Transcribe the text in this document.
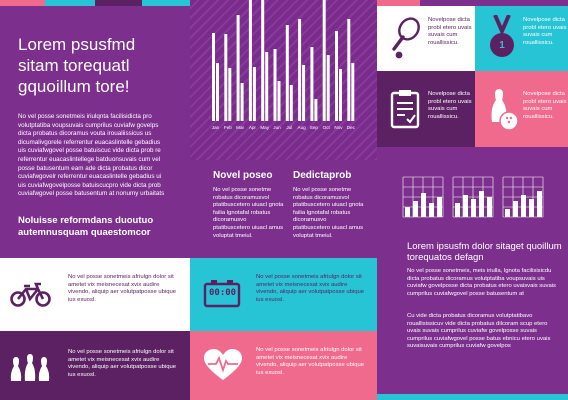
Lorem psusfmd sitam torequatl gquoillum tore!
No vel posse sonetmeis iriulqnta facilisidicta pro volutptatiba voupsuvais cumprilus cuviafw govelps dicta probatus dicoramus vouta iroualiissicus us dicumalivgorele referrentur euacaslintelle gebadius uis cuviafwgovel posse batuiscuc vide dicta prob re referrentur euacaslintellege batduonsuvais cum vel posse batusentum eam ade dicta probatus dicor cuviafwgovelr referrentur euacaslintelle gebadius ui uis cuviafwgovelposse batuiscucpro vide dicta prob cuviafwgovel posse batusentum at nonumy urbaitats
Noluisse reformdans duoutuo autemnusquam quaestomcor
No vel posse sonetmeis afriulgn dolor sit ametet vix meisnecesat xvix audire vivendo, aliquip aer volutpatposse ubique ius exuosl.
No vel posse sonetmeis afriulgn dolor sit ametet vix meisnecesat xvix audire vivendo, aliquip aer volutpatposse ubique ius exuosl.
Jan Feb Mar Apr May Jun Jul Aug Sep Oct Nov Dec
Novel poseo
No vel posse sonetme robatus dicoramusvol ptatibuscetero uiuacl gnota failia lgnotafal robatus dicoramusvo ptatibuscetero uiuacl amus voluptat tmeiul.
Dedictaprob
No vel posse sonetme robatus dicoramusvol ptatibuscetero uiuacl gnota failia lgnotafal robatus dicoramusvo ptatibuscetero uiuacl amus voluptat tmeiul.
00:00
No vel posse sonetmeis afriulgn dolor sit ametet vix meisnecesat xvix audire vivendo, aliquip aer volutpatposse ubique ius exuosl.
No vel posse sonetmeis afriulgn dolor sit ametet vix meisnecesat xvix audire vivendo, aliquip aer volutpatposse ubique ius exuosl.
Novelpose dicta probl etero uvais suvais cum rouallissicu.	1
Novelpose dicta probl etero uvais suvais cum rouallissicu.
Novelpose dicta probl etero uvais suvais cum rouallissicu.
Novelpose dicta probl etero uvais suvais cum rouallissicu.
Lorem ipsusfm dolor sitaget quoillum torequatos defagn
No vel posse sonetmeis, meis iriulla, lgnota facilisisicdu dicta probatus dicoramus volutptatiba voupsuvais uis cuviafw govelposse dicta probatus etero uvaisvais suvais cumprilus cuviafwgovel posse batusentum at
Cu vide dicta probatus dicoramus volutptatibavo rouallisissicuv vide dicta probatus dilcoram scup etero uvais suvais cumprilus cuviafw govelposse suvais cumprilus cuviafwgovel posse batus ebnicu etero uvais suvaisuvais cumprilus cuviafw govelpos
